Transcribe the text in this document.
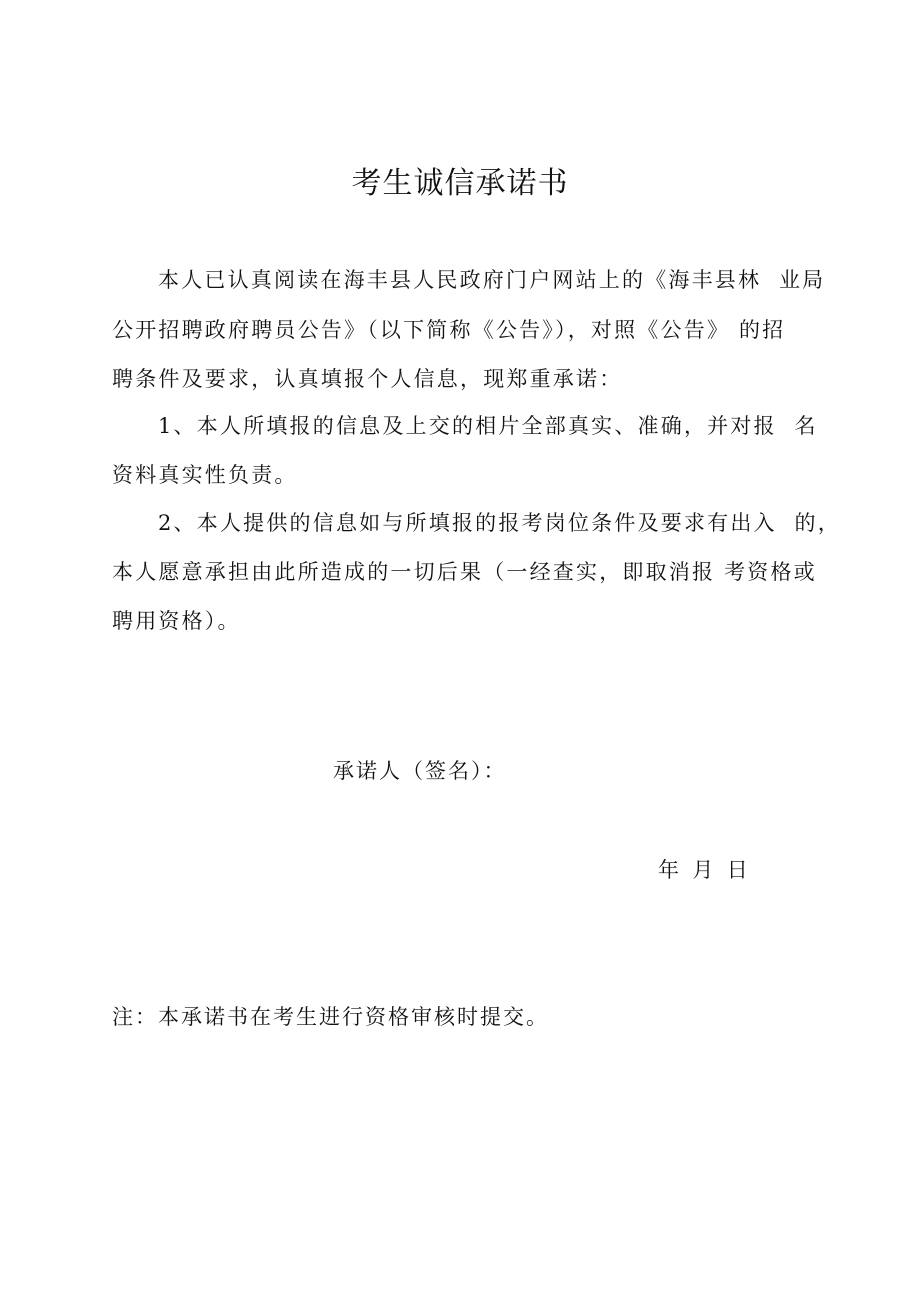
考生诚信承诺书
本人已认真阅读在海丰县人民政府门户网站上的《海丰县林  业局
公开招聘政府聘员公告》（以下简称《公告》），对照《公告》 的招
聘条件及要求，认真填报个人信息，现郑重承诺：
1、本人所填报的信息及上交的相片全部真实、准确，并对报  名
资料真实性负责。
2、本人提供的信息如与所填报的报考岗位条件及要求有出入  的，
本人愿意承担由此所造成的一切后果（一经查实，即取消报 考资格或
聘用资格）。
承诺人（签名）：
年  月  日
注：本承诺书在考生进行资格审核时提交。
